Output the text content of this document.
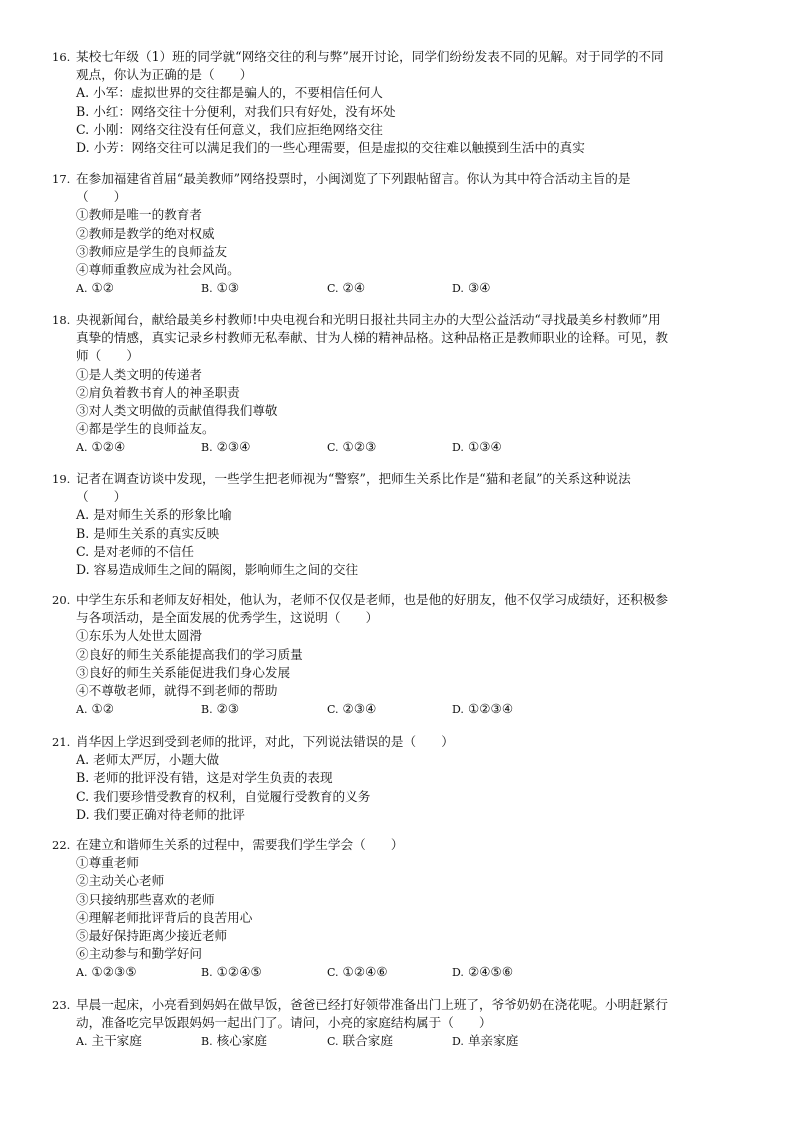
16. 某校七年级（1）班的同学就“网络交往的利与弊”展开讨论，同学们纷纷发表不同的见解。对于同学的不同
观点，你认为正确的是（　　）
A. 小军：虚拟世界的交往都是骗人的，不要相信任何人
B. 小红：网络交往十分便利，对我们只有好处，没有坏处
C. 小刚：网络交往没有任何意义，我们应拒绝网络交往
D. 小芳：网络交往可以满足我们的一些心理需要，但是虚拟的交往难以触摸到生活中的真实
17. 在参加福建省首届“最美教师”网络投票时，小闽浏览了下列跟帖留言。你认为其中符合活动主旨的是
（　　）
①教师是唯一的教育者
②教师是教学的绝对权威
③教师应是学生的良师益友
④尊师重教应成为社会风尚。
A. ①②	B. ①③	C. ②④	D. ③④
18. 央视新闻台，献给最美乡村教师!中央电视台和光明日报社共同主办的大型公益活动“寻找最美乡村教师”用
真挚的情感，真实记录乡村教师无私奉献、甘为人梯的精神品格。这种品格正是教师职业的诠释。可见，教
师（　　）
①是人类文明的传递者
②肩负着教书育人的神圣职责
③对人类文明做的贡献值得我们尊敬
④都是学生的良师益友。
A. ①②④	B. ②③④	C. ①②③	D. ①③④
19. 记者在调查访谈中发现，一些学生把老师视为“警察”，把师生关系比作是“猫和老鼠”的关系这种说法
（　　）
A. 是对师生关系的形象比喻
B. 是师生关系的真实反映
C. 是对老师的不信任
D. 容易造成师生之间的隔阂，影响师生之间的交往
20. 中学生东乐和老师友好相处，他认为，老师不仅仅是老师，也是他的好朋友，他不仅学习成绩好，还积极参
与各项活动，是全面发展的优秀学生，这说明（　　）
①东乐为人处世太圆滑
②良好的师生关系能提高我们的学习质量
③良好的师生关系能促进我们身心发展
④不尊敬老师，就得不到老师的帮助
A. ①②	B. ②③	C. ②③④	D. ①②③④
21. 肖华因上学迟到受到老师的批评，对此，下列说法错误的是（　　）
A. 老师太严厉，小题大做
B. 老师的批评没有错，这是对学生负责的表现
C. 我们要珍惜受教育的权利，自觉履行受教育的义务
D. 我们要正确对待老师的批评
22. 在建立和谐师生关系的过程中，需要我们学生学会（　　）
①尊重老师
②主动关心老师
③只接纳那些喜欢的老师
④理解老师批评背后的良苦用心
⑤最好保持距离少接近老师
⑥主动参与和勤学好问
A. ①②③⑤	B. ①②④⑤	C. ①②④⑥	D. ②④⑤⑥
23. 早晨一起床，小亮看到妈妈在做早饭，爸爸已经打好领带准备出门上班了，爷爷奶奶在浇花呢。小明赶紧行
动，准备吃完早饭跟妈妈一起出门了。请问，小亮的家庭结构属于（　　）
A. 主干家庭	B. 核心家庭	C. 联合家庭	D. 单亲家庭
